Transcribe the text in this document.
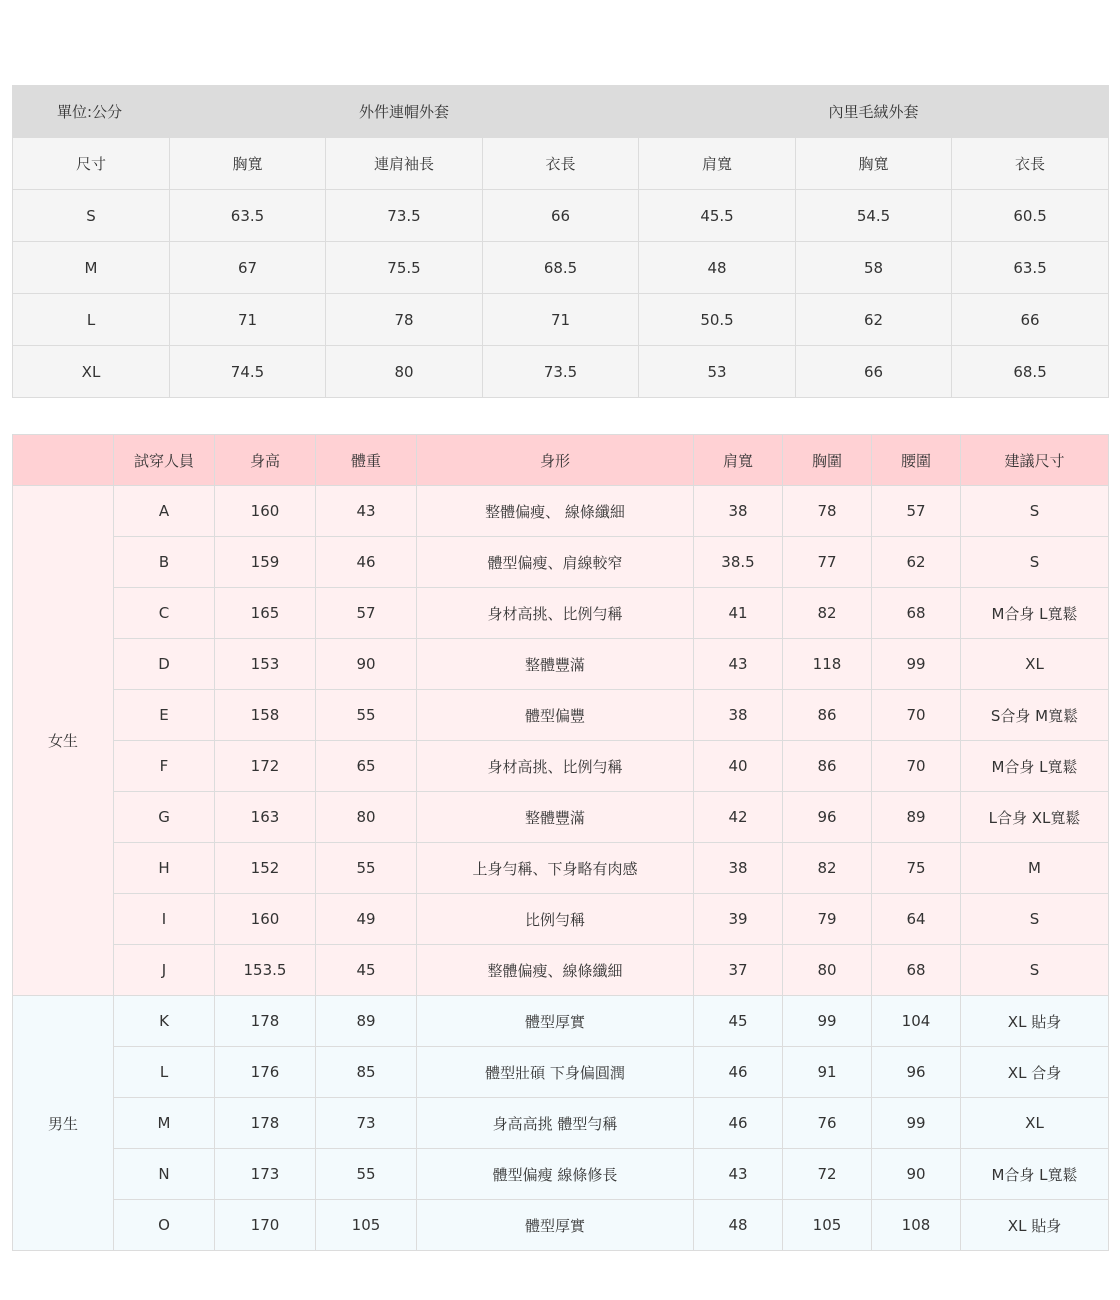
單位:公分	外件連帽外套			內里毛絨外套		
尺寸	胸寬	連肩袖長	衣長	肩寬	胸寬	衣長
S	63.5	73.5	66	45.5	54.5	60.5
M	67	75.5	68.5	48	58	63.5
L	71	78	71	50.5	62	66
XL	74.5	80	73.5	53	66	68.5
	試穿人員	身高	體重	身形	肩寬	胸圍	腰圍	建議尺寸
女生	A	160	43	整體偏瘦、 線條纖細	38	78	57	S
	B	159	46	體型偏瘦、肩線較窄	38.5	77	62	S
	C	165	57	身材高挑、比例勻稱	41	82	68	M合身 L寬鬆
	D	153	90	整體豐滿	43	118	99	XL
	E	158	55	體型偏豐	38	86	70	S合身 M寬鬆
	F	172	65	身材高挑、比例勻稱	40	86	70	M合身 L寬鬆
	G	163	80	整體豐滿	42	96	89	L合身 XL寬鬆
	H	152	55	上身勻稱、下身略有肉感	38	82	75	M
	I	160	49	比例勻稱	39	79	64	S
	J	153.5	45	整體偏瘦、線條纖細	37	80	68	S
男生	K	178	89	體型厚實	45	99	104	XL 貼身
	L	176	85	體型壯碩 下身偏圓潤	46	91	96	XL 合身
	M	178	73	身高高挑 體型勻稱	46	76	99	XL
	N	173	55	體型偏瘦 線條修長	43	72	90	M合身 L寬鬆
	O	170	105	體型厚實	48	105	108	XL 貼身
